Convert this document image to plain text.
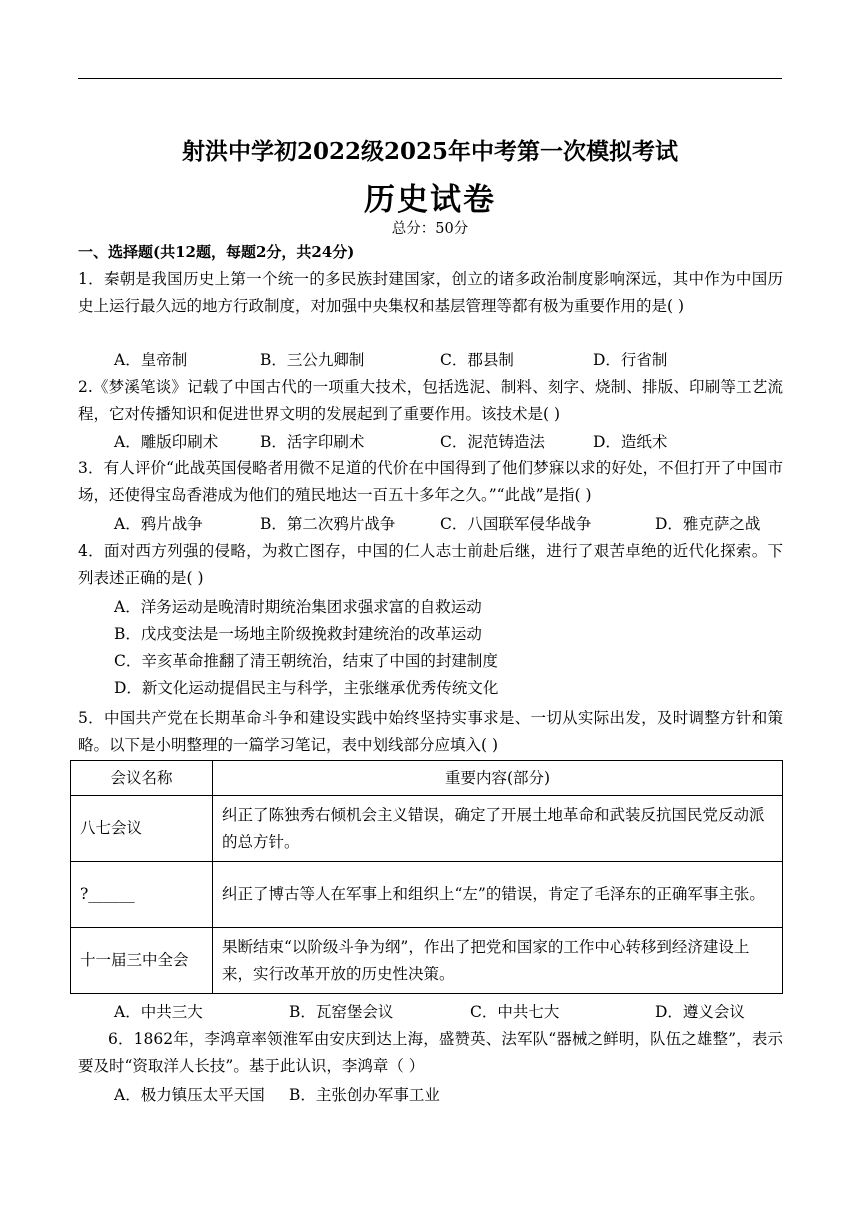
射洪中学初2022级2025年中考第一次模拟考试
历史试卷
总分：50分
一、选择题(共12题，每题2分，共24分)
1．秦朝是我国历史上第一个统一的多民族封建国家，创立的诸多政治制度影响深远，其中作为中国历史上运行最久远的地方行政制度，对加强中央集权和基层管理等都有极为重要作用的是( )
A．皇帝制	B．三公九卿制	C．郡县制	D．行省制
2.《梦溪笔谈》记载了中国古代的一项重大技术，包括选泥、制料、刻字、烧制、排版、印刷等工艺流程，它对传播知识和促进世界文明的发展起到了重要作用。该技术是( )
A．雕版印刷术	B．活字印刷术	C．泥范铸造法	D．造纸术
3．有人评价“此战英国侵略者用微不足道的代价在中国得到了他们梦寐以求的好处，不但打开了中国市场，还使得宝岛香港成为他们的殖民地达一百五十多年之久。”“此战”是指( )
A．鸦片战争	B．第二次鸦片战争	C．八国联军侵华战争	D．雅克萨之战
4．面对西方列强的侵略，为救亡图存，中国的仁人志士前赴后继，进行了艰苦卓绝的近代化探索。下列表述正确的是( )
A．洋务运动是晚清时期统治集团求强求富的自救运动
B．戊戌变法是一场地主阶级挽救封建统治的改革运动
C．辛亥革命推翻了清王朝统治，结束了中国的封建制度
D．新文化运动提倡民主与科学，主张继承优秀传统文化
5．中国共产党在长期革命斗争和建设实践中始终坚持实事求是、一切从实际出发，及时调整方针和策略。以下是小明整理的一篇学习笔记，表中划线部分应填入( )
会议名称	重要内容(部分)
八七会议	纠正了陈独秀右倾机会主义错误，确定了开展土地革命和武装反抗国民党反动派的总方针。
?______	纠正了博古等人在军事上和组织上“左”的错误，肯定了毛泽东的正确军事主张。
十一届三中全会	果断结束“以阶级斗争为纲”，作出了把党和国家的工作中心转移到经济建设上来，实行改革开放的历史性决策。
A．中共三大	B．瓦窑堡会议	C．中共七大	D．遵义会议
6．1862年，李鸿章率领淮军由安庆到达上海，盛赞英、法军队“器械之鲜明，队伍之雄整”，表示要及时“资取洋人长技”。基于此认识，李鸿章（ ）
A．极力镇压太平天国 B．主张创办军事工业
